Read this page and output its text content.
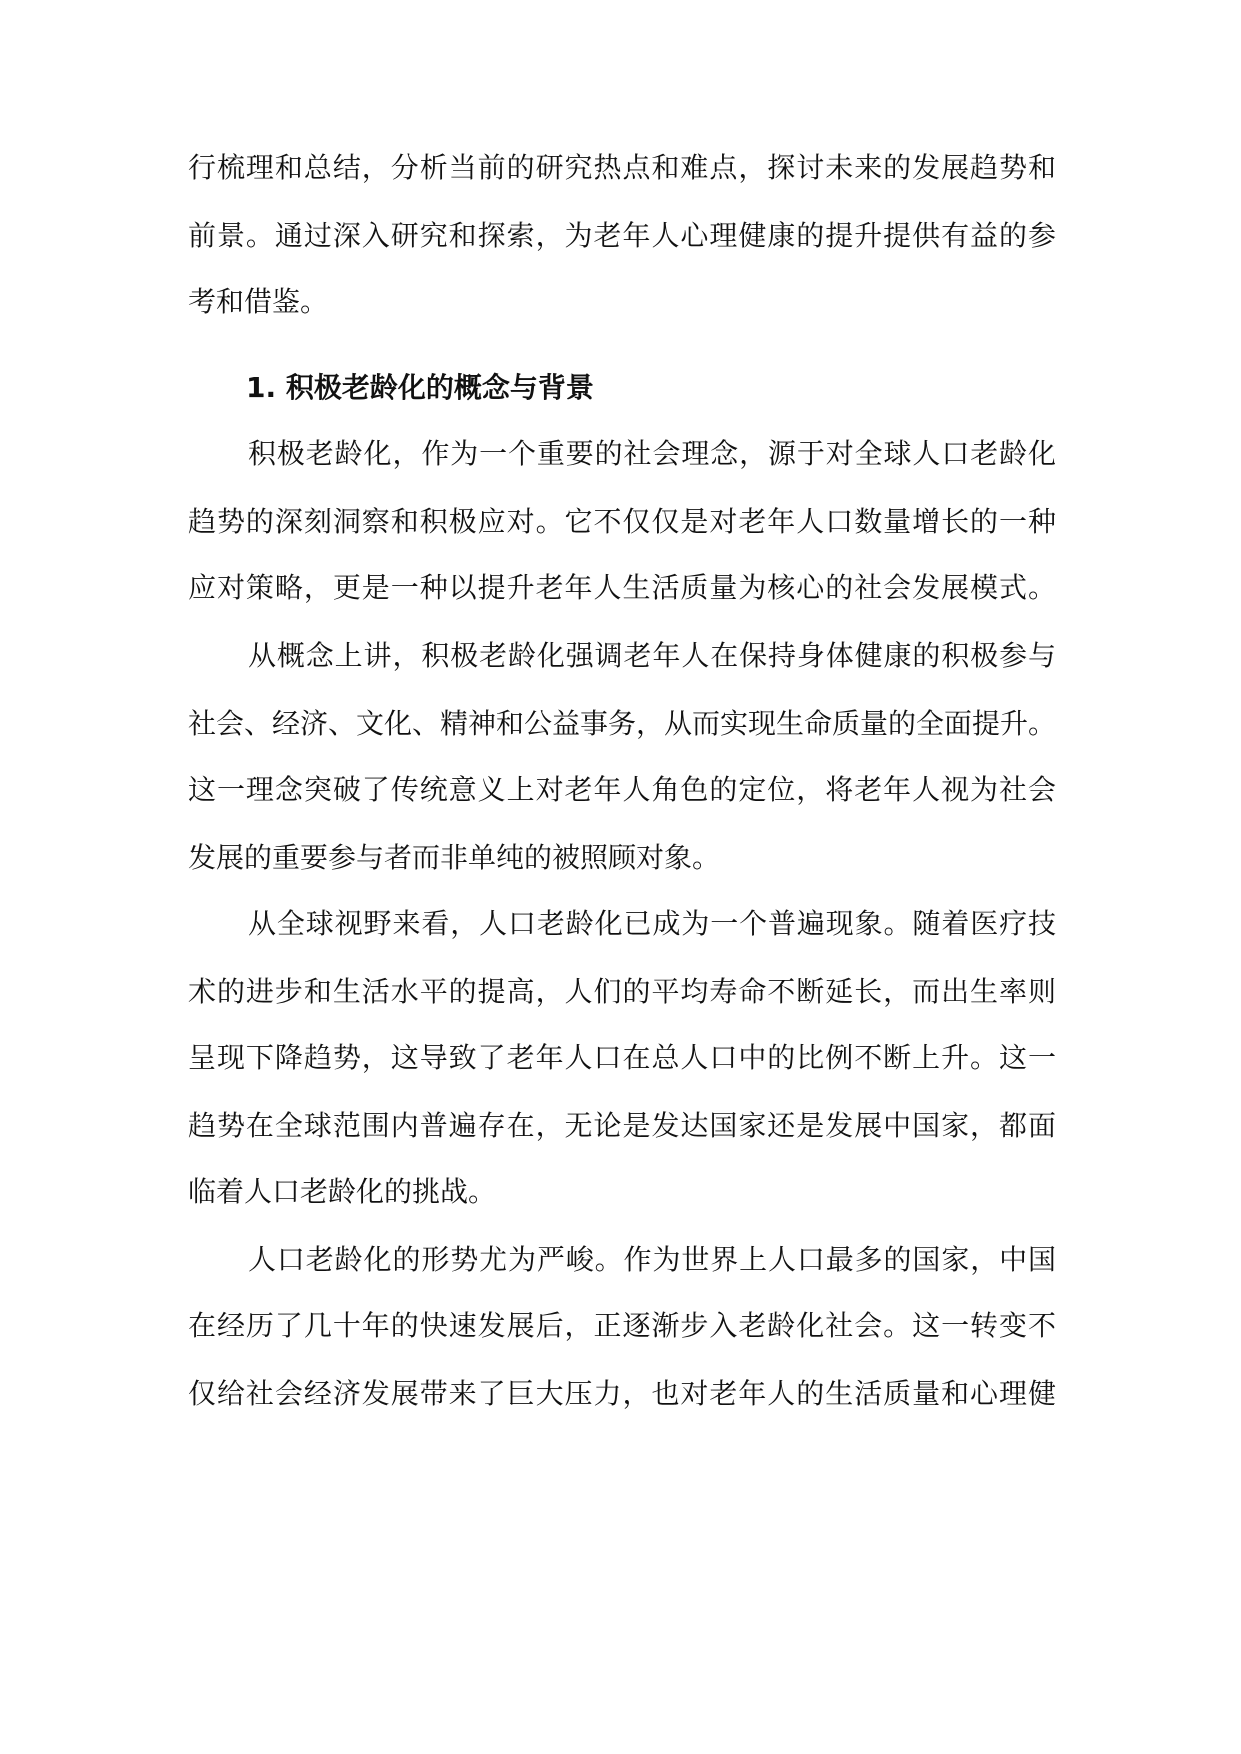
行梳理和总结，分析当前的研究热点和难点，探讨未来的发展趋势和
前景。通过深入研究和探索，为老年人心理健康的提升提供有益的参
考和借鉴。
1. 积极老龄化的概念与背景
积极老龄化，作为一个重要的社会理念，源于对全球人口老龄化
趋势的深刻洞察和积极应对。它不仅仅是对老年人口数量增长的一种
应对策略，更是一种以提升老年人生活质量为核心的社会发展模式。
从概念上讲，积极老龄化强调老年人在保持身体健康的积极参与
社会、经济、文化、精神和公益事务，从而实现生命质量的全面提升。
这一理念突破了传统意义上对老年人角色的定位，将老年人视为社会
发展的重要参与者而非单纯的被照顾对象。
从全球视野来看，人口老龄化已成为一个普遍现象。随着医疗技
术的进步和生活水平的提高，人们的平均寿命不断延长，而出生率则
呈现下降趋势，这导致了老年人口在总人口中的比例不断上升。这一
趋势在全球范围内普遍存在，无论是发达国家还是发展中国家，都面
临着人口老龄化的挑战。
人口老龄化的形势尤为严峻。作为世界上人口最多的国家，中国
在经历了几十年的快速发展后，正逐渐步入老龄化社会。这一转变不
仅给社会经济发展带来了巨大压力，也对老年人的生活质量和心理健
